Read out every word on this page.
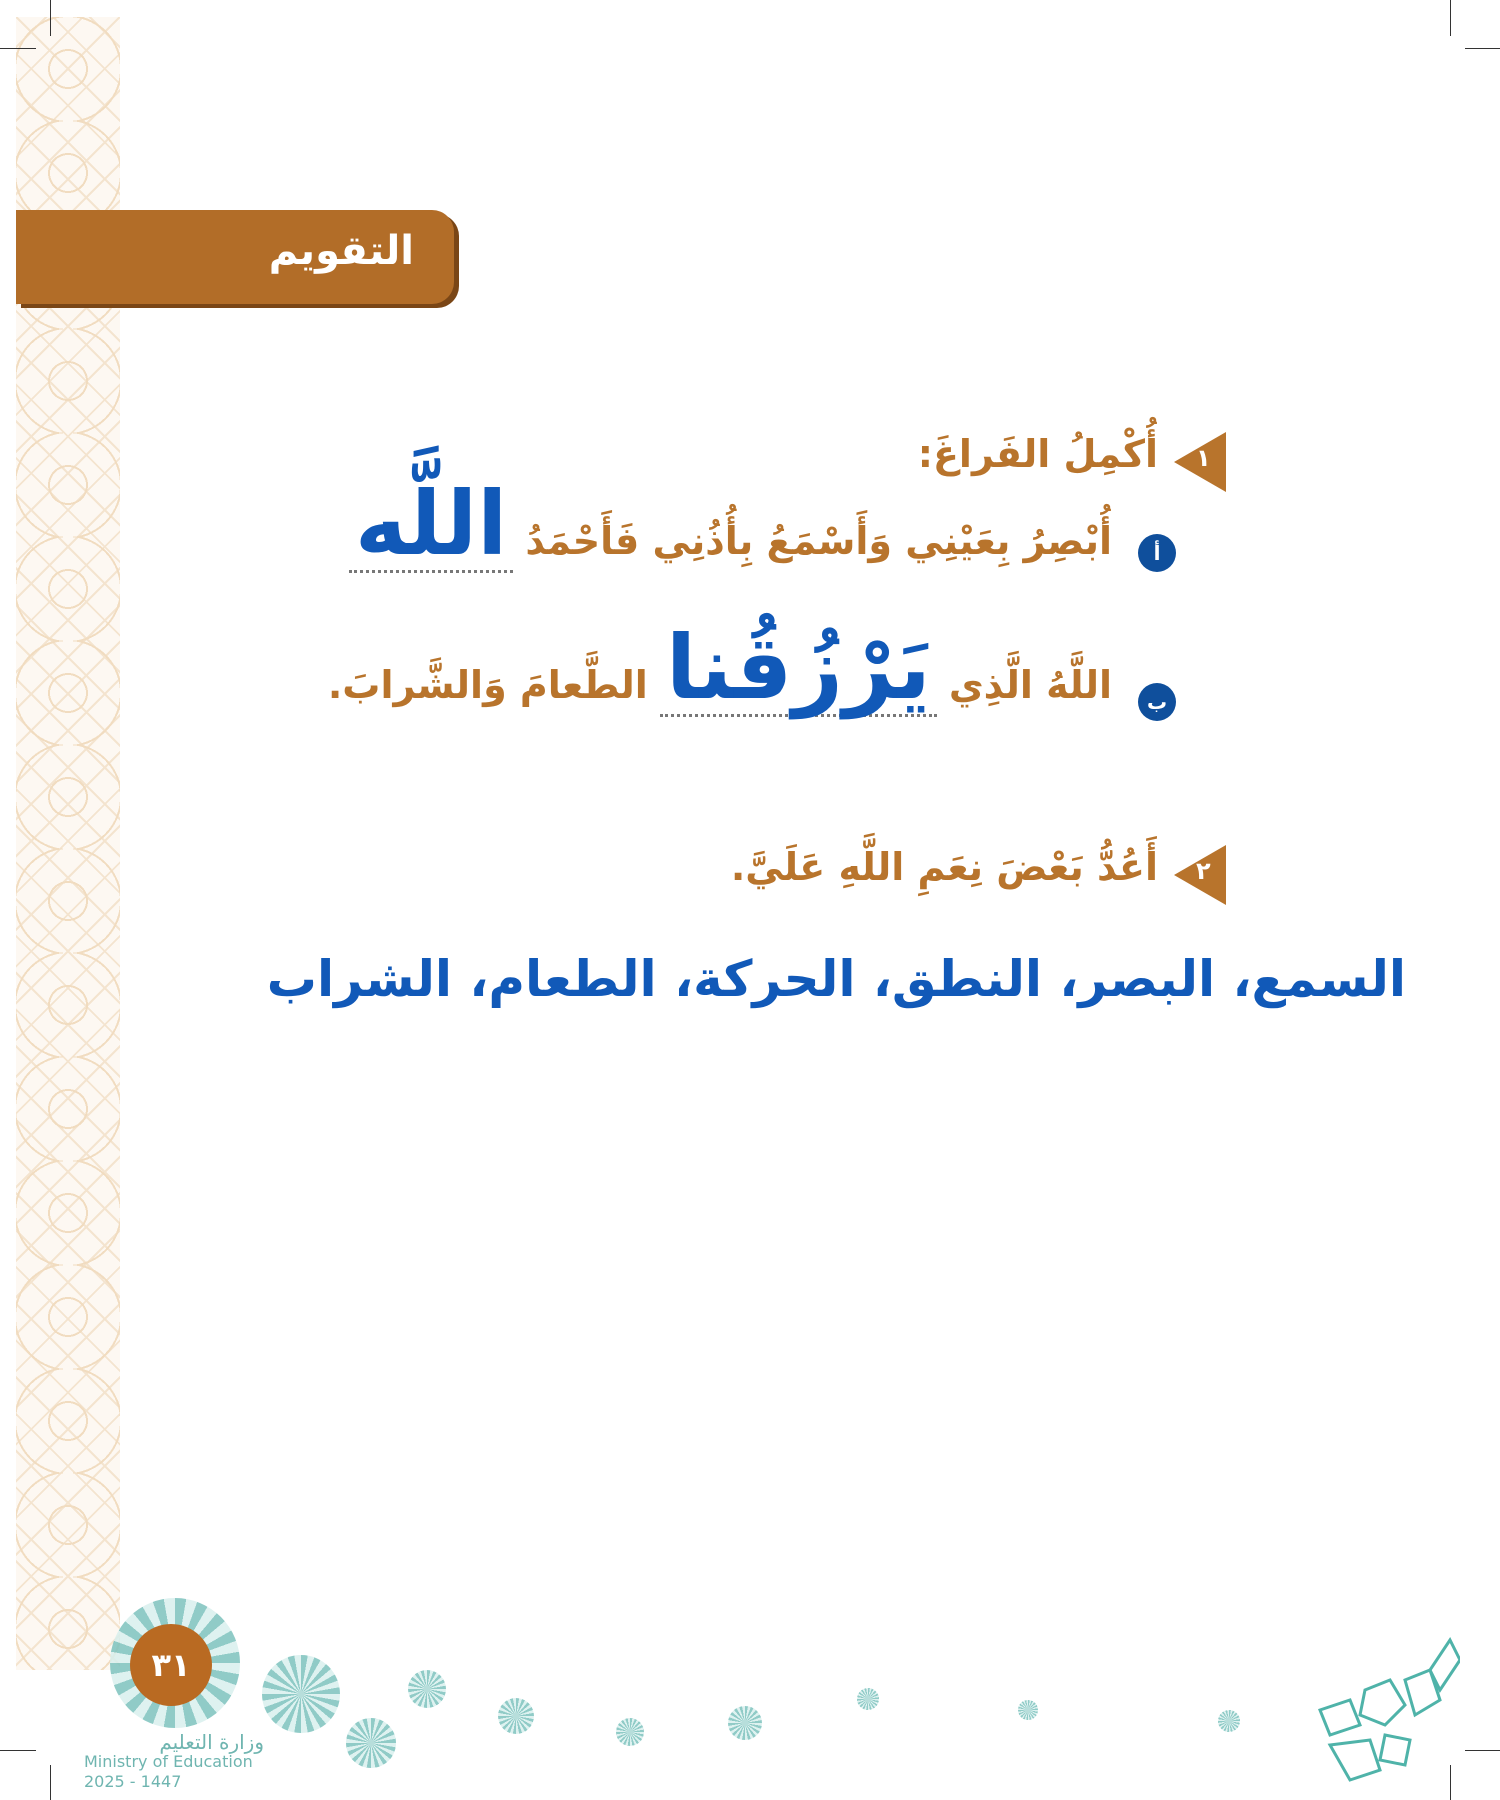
التقويم
١
أُكْمِلُ الفَراغَ:
أ
أُبْصِرُ بِعَيْنِي وَأَسْمَعُ بِأُذُنِي فَأَحْمَدُ
اللَّه
ب
اللَّهُ الَّذِي
يَرْزُقُنا
الطَّعامَ وَالشَّرابَ.
٢
أَعُدُّ بَعْضَ نِعَمِ اللَّهِ عَلَيَّ.
السمع، البصر، النطق، الحركة، الطعام، الشراب
وزارة التعليم
Ministry of Education
2025 - 1447
٣١
